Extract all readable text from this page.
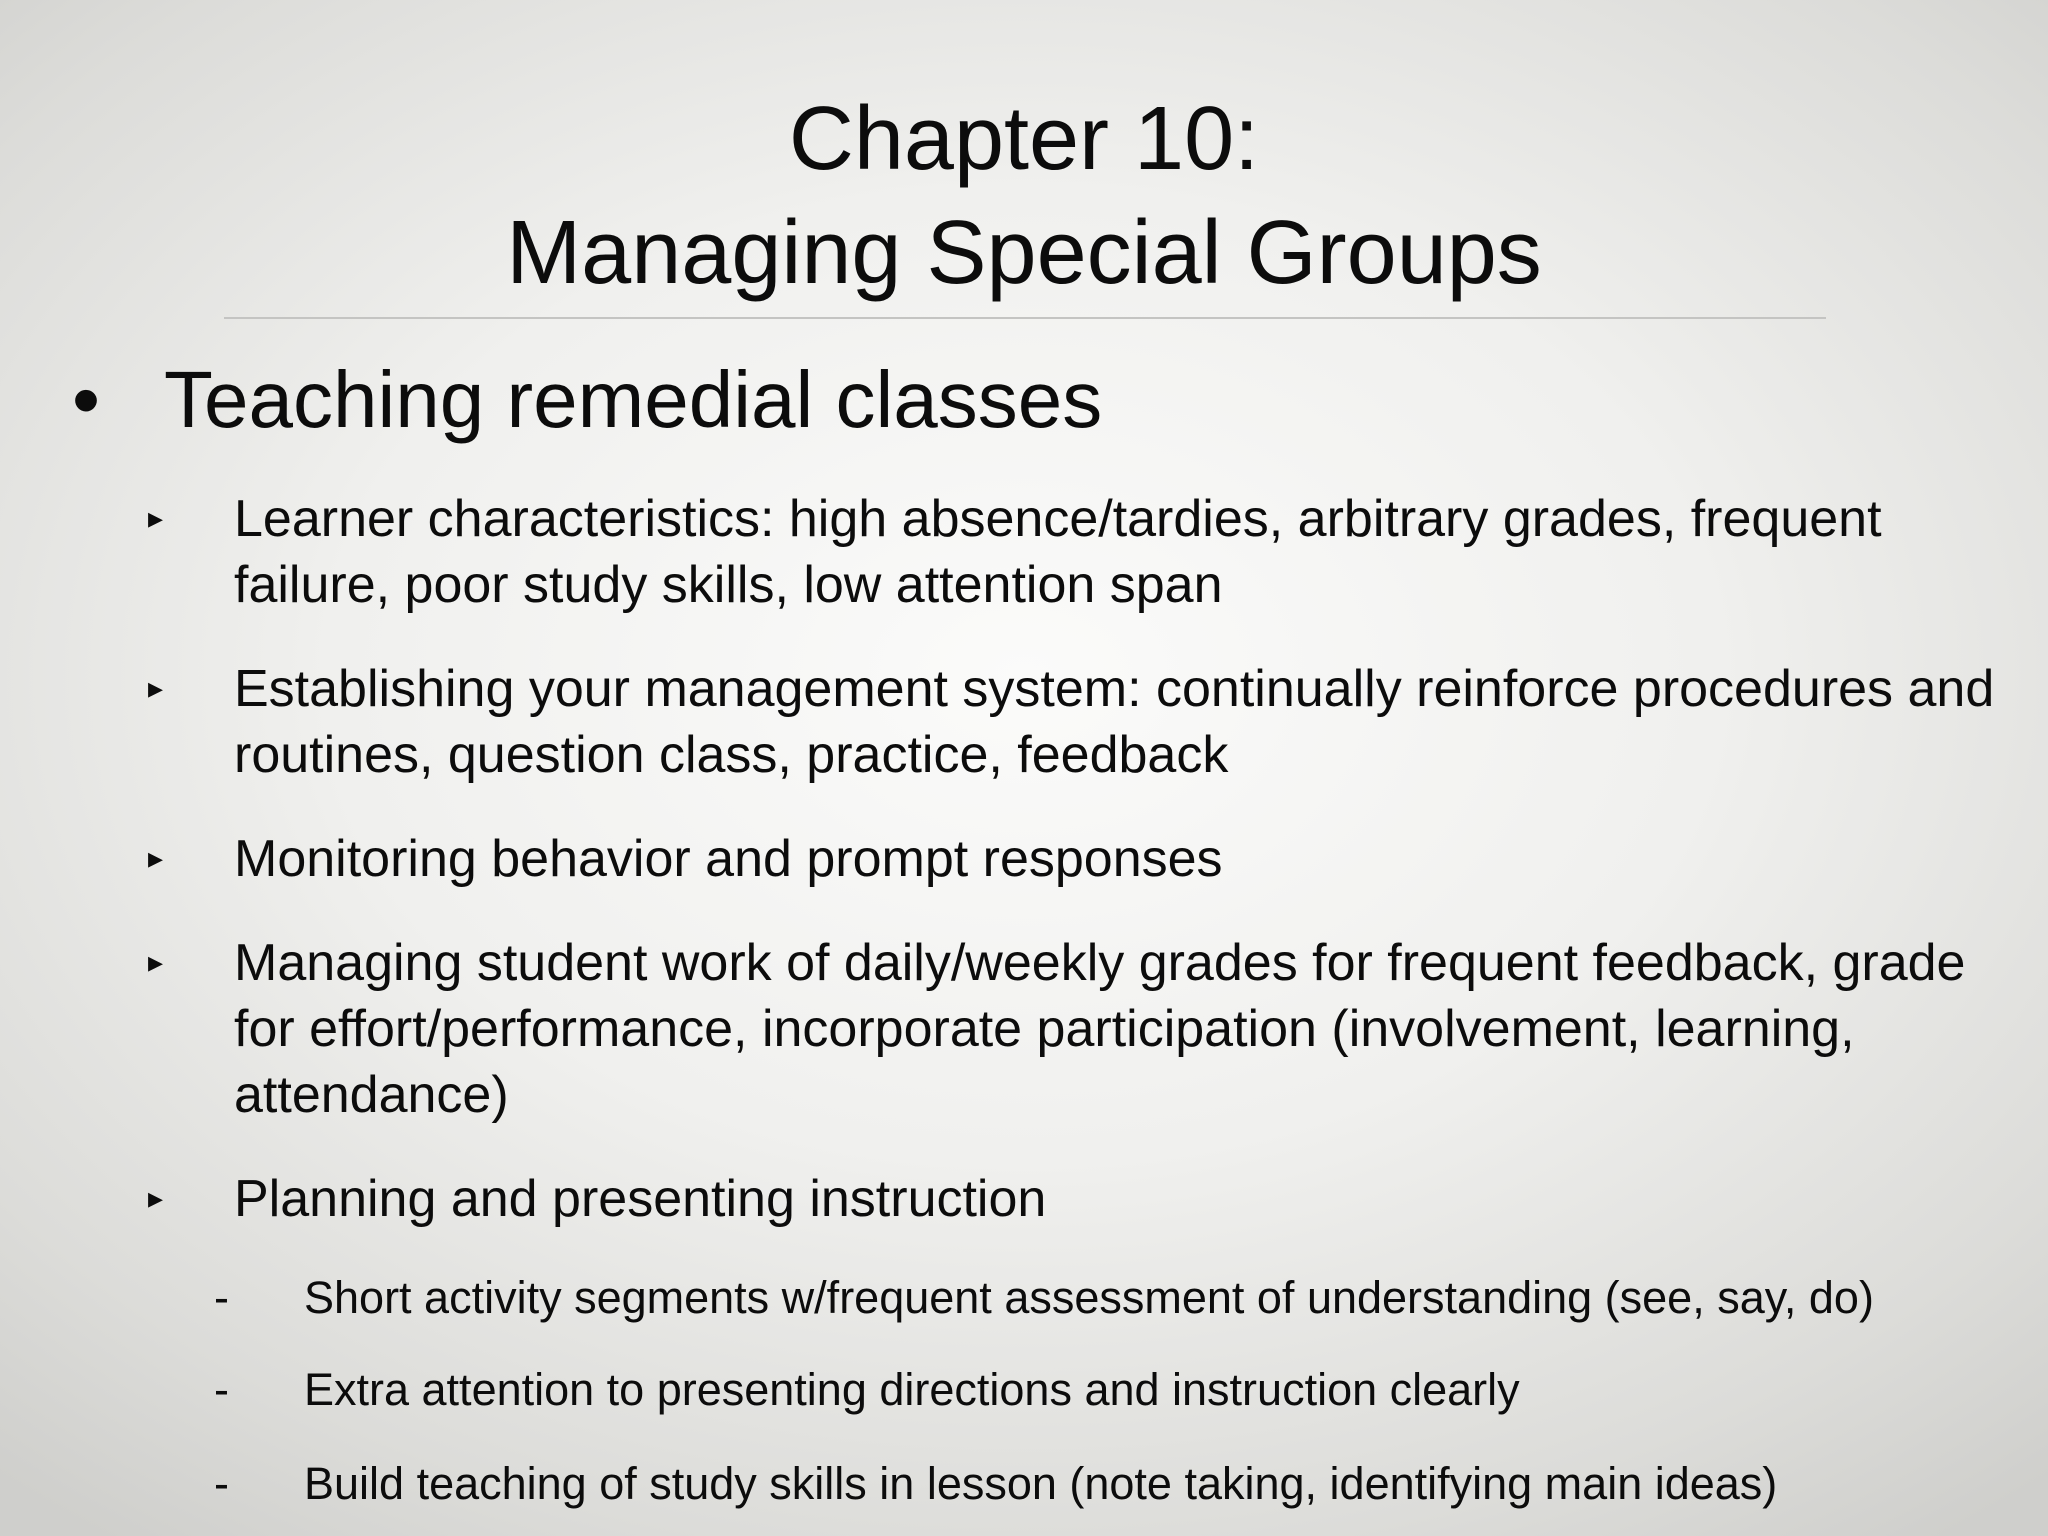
Chapter 10:
Managing Special Groups
• Teaching remedial classes
▸ Learner characteristics: high absence/tardies, arbitrary grades, frequent failure, poor study skills, low attention span
▸ Establishing your management system: continually reinforce procedures and routines, question class, practice, feedback
▸ Monitoring behavior and prompt responses
▸ Managing student work of daily/weekly grades for frequent feedback, grade for effort/performance, incorporate participation (involvement, learning, attendance)
▸ Planning and presenting instruction
- Short activity segments w/frequent assessment of understanding (see, say, do)
- Extra attention to presenting directions and instruction clearly
- Build teaching of study skills in lesson (note taking, identifying main ideas)
